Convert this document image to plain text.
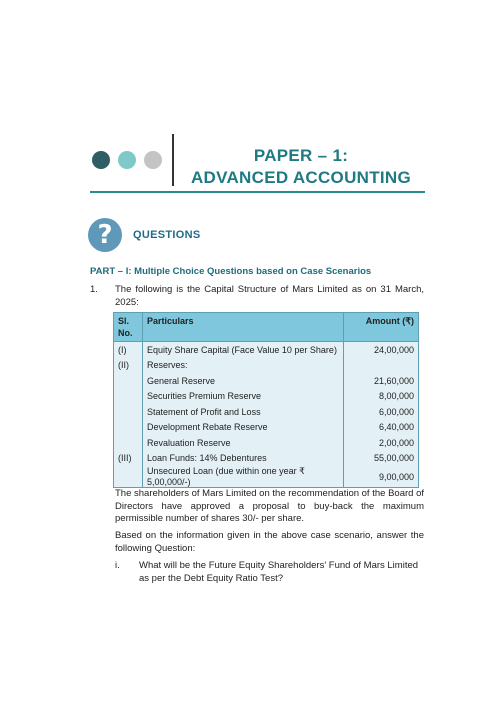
PAPER – 1:
ADVANCED ACCOUNTING
?	QUESTIONS
PART – I: Multiple Choice Questions based on Case Scenarios
1. The following is the Capital Structure of Mars Limited as on 31 March, 2025:
Sl. No.	Particulars	Amount (₹)
(I)	Equity Share Capital (Face Value 10 per Share)	24,00,000
(II)	Reserves:	
	General Reserve	21,60,000
	Securities Premium Reserve	8,00,000
	Statement of Profit and Loss	6,00,000
	Development Rebate Reserve	6,40,000
	Revaluation Reserve	2,00,000
(III)	Loan Funds: 14% Debentures	55,00,000
	Unsecured Loan (due within one year ₹ 5,00,000/-)	9,00,000
The shareholders of Mars Limited on the recommendation of the Board of Directors have approved a proposal to buy-back the maximum permissible number of shares 30/- per share.
Based on the information given in the above case scenario, answer the following Question:
i. What will be the Future Equity Shareholders' Fund of Mars Limited as per the Debt Equity Ratio Test?
